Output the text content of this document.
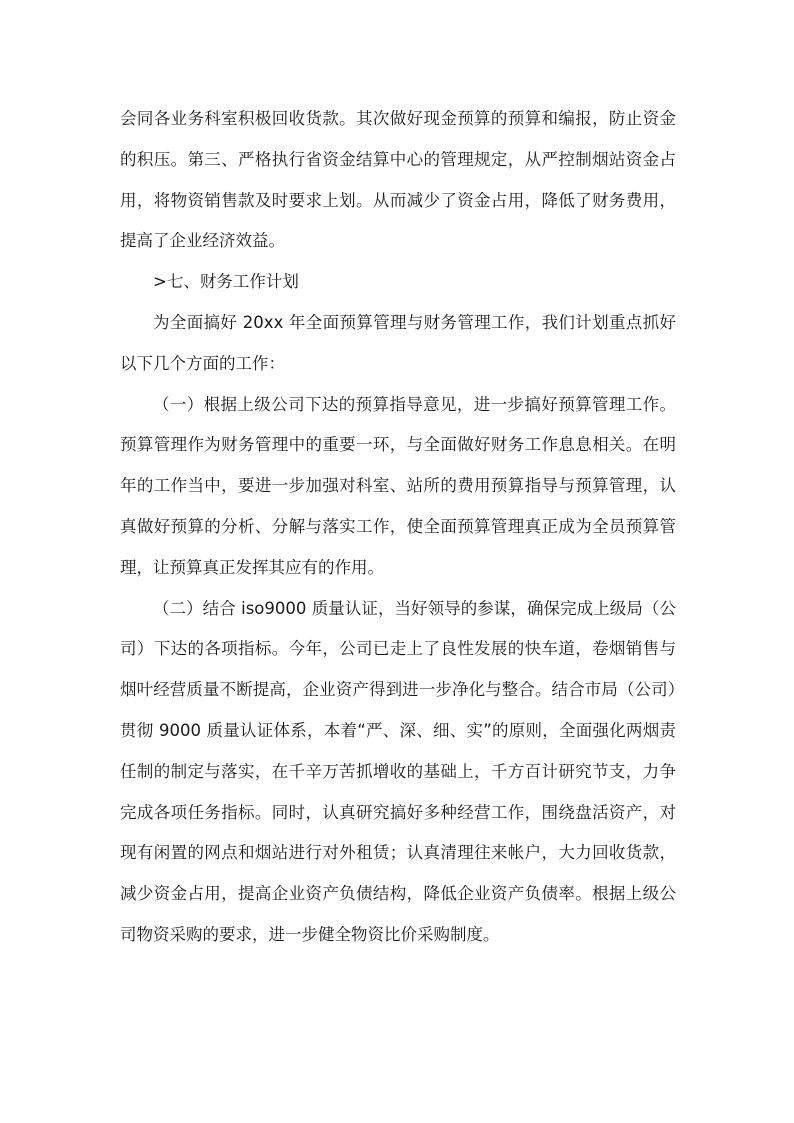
会同各业务科室积极回收货款。其次做好现金预算的预算和编报，防止资金的积压。第三、严格执行省资金结算中心的管理规定，从严控制烟站资金占用，将物资销售款及时要求上划。从而减少了资金占用，降低了财务费用，提高了企业经济效益。

>七、财务工作计划

为全面搞好 20xx 年全面预算管理与财务管理工作，我们计划重点抓好以下几个方面的工作：

（一）根据上级公司下达的预算指导意见，进一步搞好预算管理工作。预算管理作为财务管理中的重要一环，与全面做好财务工作息息相关。在明年的工作当中，要进一步加强对科室、站所的费用预算指导与预算管理，认真做好预算的分析、分解与落实工作，使全面预算管理真正成为全员预算管理，让预算真正发挥其应有的作用。

（二）结合 iso9000 质量认证，当好领导的参谋，确保完成上级局（公司）下达的各项指标。今年，公司已走上了良性发展的快车道，卷烟销售与烟叶经营质量不断提高，企业资产得到进一步净化与整合。结合市局（公司）贯彻 9000 质量认证体系，本着“严、深、细、实”的原则，全面强化两烟责任制的制定与落实，在千辛万苦抓增收的基础上，千方百计研究节支，力争完成各项任务指标。同时，认真研究搞好多种经营工作，围绕盘活资产，对现有闲置的网点和烟站进行对外租赁；认真清理往来帐户，大力回收货款，减少资金占用，提高企业资产负债结构，降低企业资产负债率。根据上级公司物资采购的要求，进一步健全物资比价采购制度。
